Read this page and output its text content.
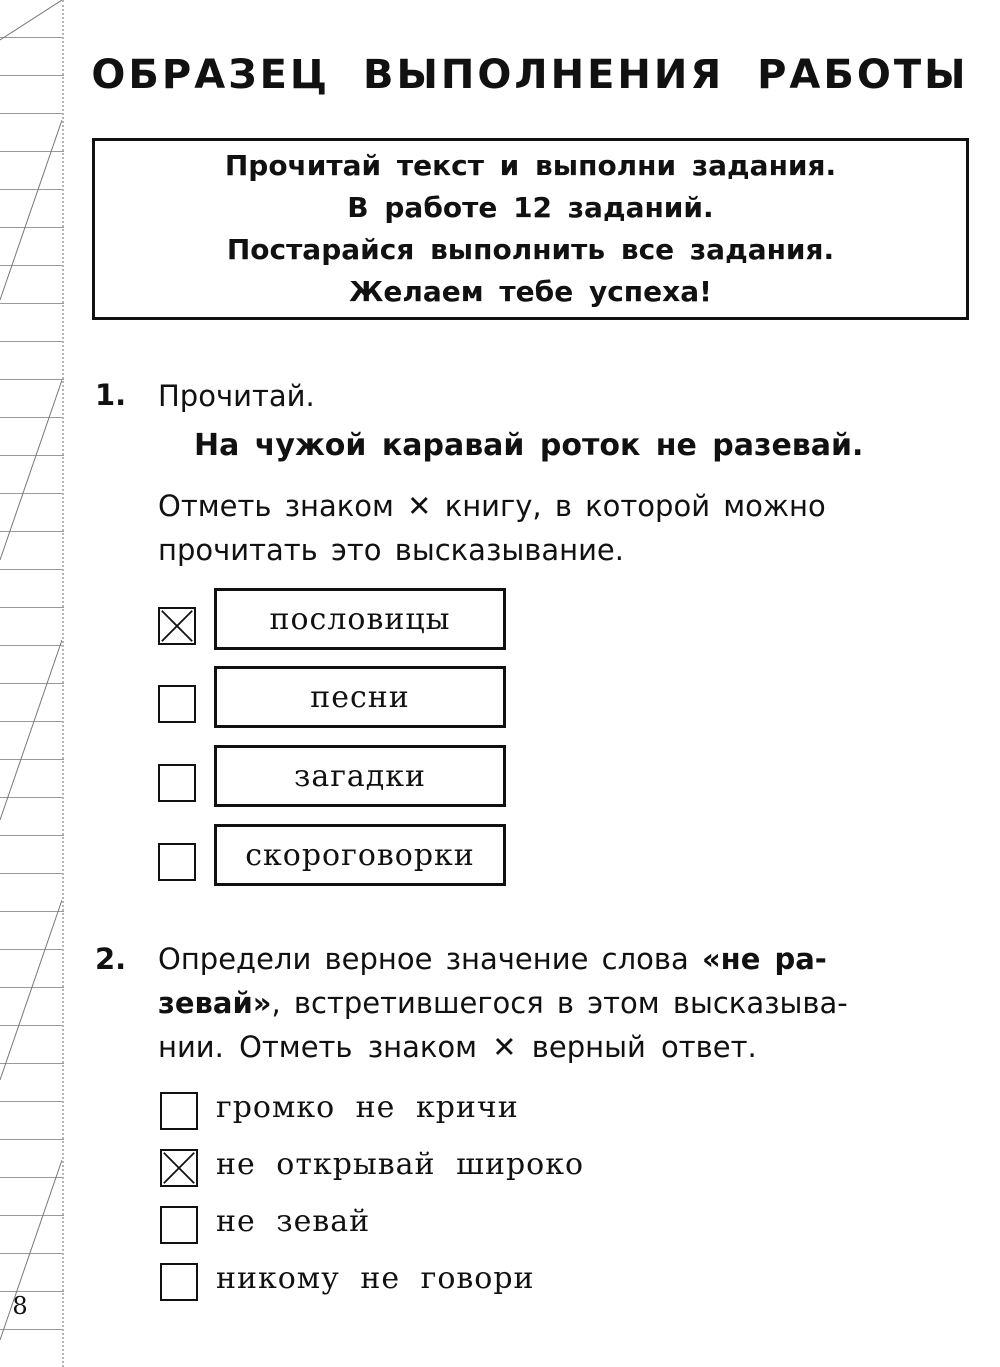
ОБРАЗЕЦ ВЫПОЛНЕНИЯ РАБОТЫ
Прочитай текст и выполни задания.
В работе 12 заданий.
Постарайся выполнить все задания.
Желаем тебе успеха!
1. Прочитай.

На чужой каравай роток не разевай.

Отметь знаком ✕ книгу, в которой можно

прочитать это высказывание.

пословицы
песни
загадки
скороговорки
2. Определи верное значение слова «не ра-

зевай», встретившегося в этом высказыва-

нии. Отметь знаком ✕ верный ответ.

громко не кричи
не открывай широко
не зевай
никому не говори
8
